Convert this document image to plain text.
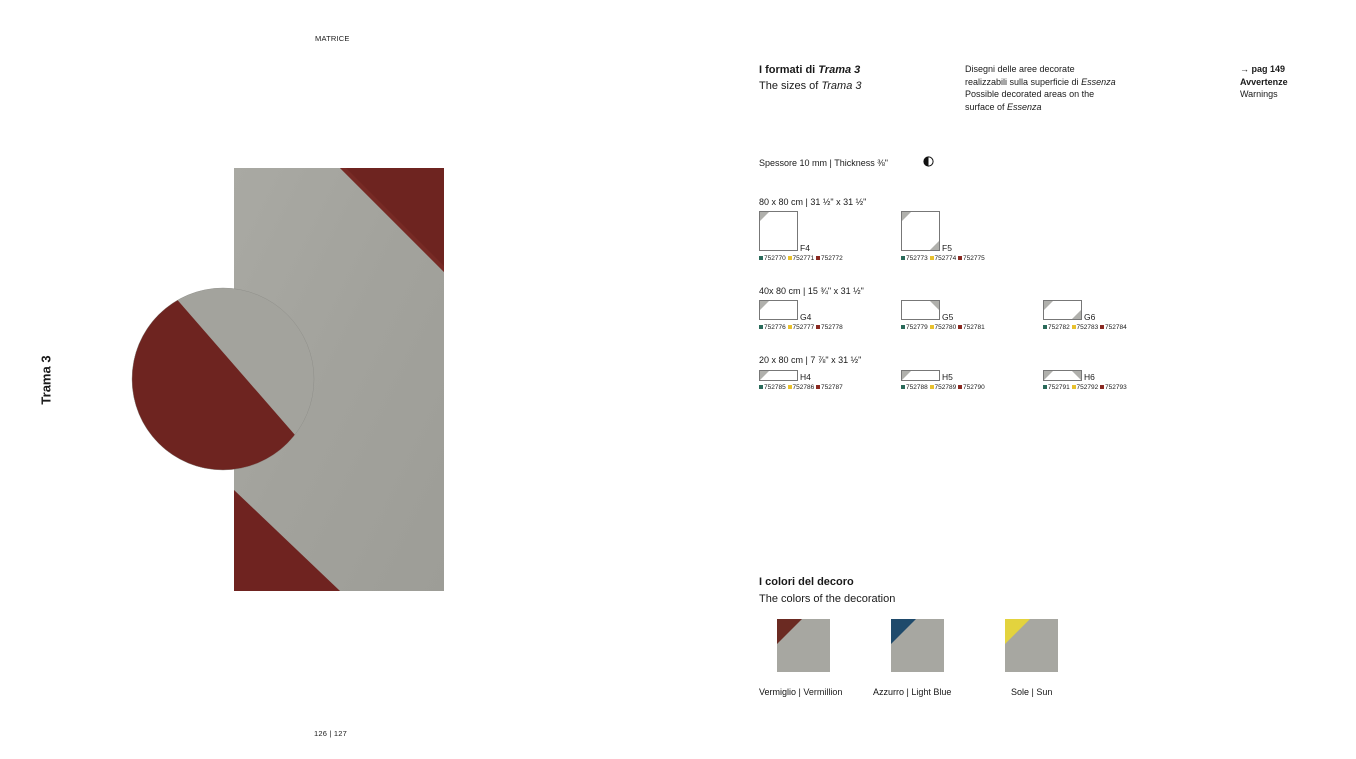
MATRICE
Trama 3
126 | 127
I formati di Trama 3
The sizes of Trama 3
Disegni delle aree decorate
realizzabili sulla superficie di Essenza
Possible decorated areas on the
surface of Essenza
→ pag 149
Avvertenze
Warnings
Spessore 10 mm | Thickness ⅜"
80 x 80 cm | 31 ½" x 31 ½"
40x 80 cm | 15 ¾" x 31 ½"
20 x 80 cm | 7 ⅞" x 31 ½"
F4	F5
G4	G5	G6
H4	H5	H6
752770 752771 752772	752773 752774 752775
752776 752777 752778	752779 752780 752781	752782 752783 752784
752785 752786 752787	752788 752789 752790	752791 752792 752793
I colori del decoro
The colors of the decoration
Vermiglio | Vermillion	Azzurro | Light Blue	Sole | Sun
